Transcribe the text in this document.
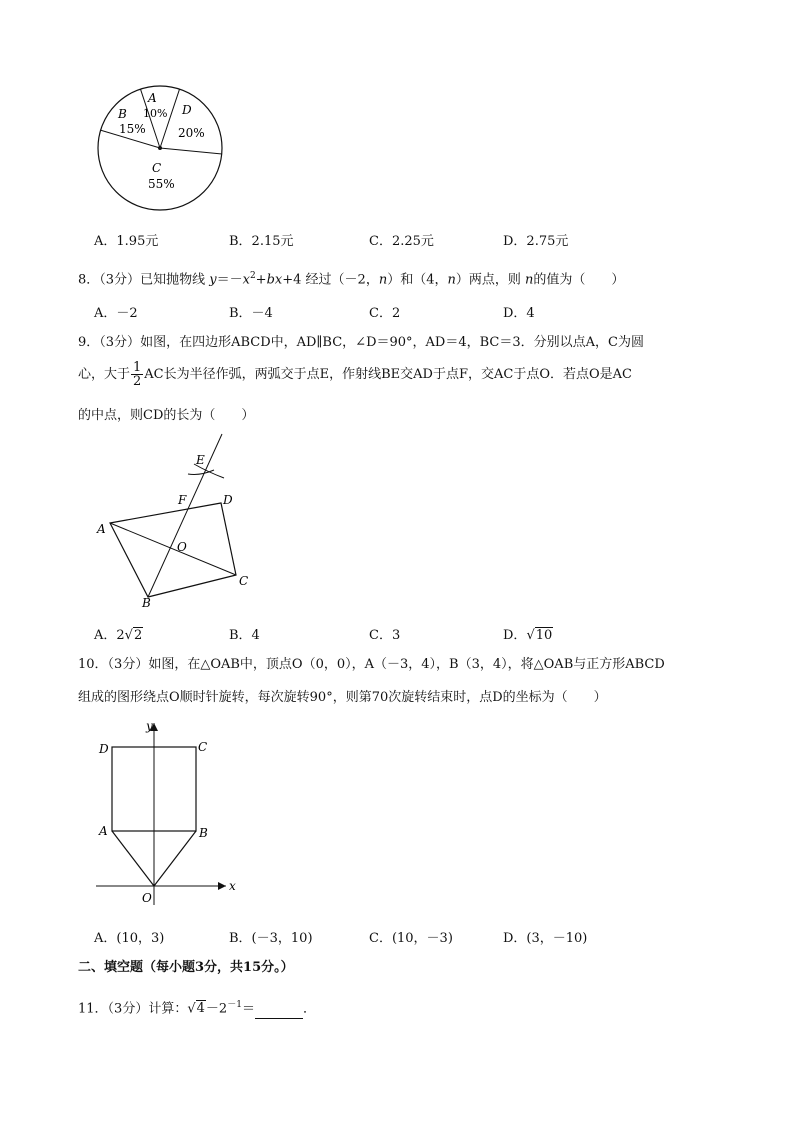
A
10%
B
15%
C
55%
D
20%
A．1.95元	B．2.15元	C．2.25元	D．2.75元
8．（3分）已知抛物线 $y=-x^2+bx+4$ 经过（－2，n）和（4，n）两点，则 n的值为（　　）
A．－2	B．－4	C．2	D．4
9．（3分）如图，在四边形ABCD中，AD∥BC，∠D＝90°，AD＝4，BC＝3．分别以点A，C为圆
心，大于 $\frac{1}{2}$ AC长为半径作弧，两弧交于点E，作射线BE交AD于点F，交AC于点O．若点O是AC
的中点，则CD的长为（　　）
E
F	D
A
O
C
B
A．2√2	B．4	C．3	D．√10
10．（3分）如图，在△OAB中，顶点O（0，0），A（－3，4），B（3，4），将△OAB与正方形ABCD
组成的图形绕点O顺时针旋转，每次旋转90°，则第70次旋转结束时，点D的坐标为（　　）
y
x
D	C
A	B
O
A．(10，3)	B．(－3，10)	C．(10，－3)	D．(3，－10)
二、填空题（每小题3分，共15分。）
11．（3分）计算：$√4-2^{-1}=$	．
